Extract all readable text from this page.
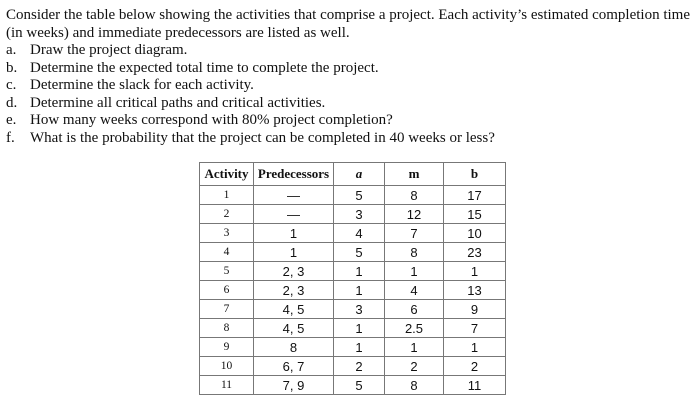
Consider the table below showing the activities that comprise a project. Each activity’s estimated completion time (in weeks) and immediate predecessors are listed as well.

a. Draw the project diagram.
b. Determine the expected total time to complete the project.
c. Determine the slack for each activity.
d. Determine all critical paths and critical activities.
e. How many weeks correspond with 80% project completion?
f.	What is the probability that the project can be completed in 40 weeks or less?
Activity	Predecessors	a	m	b
1	—	5	8	17
2	—	3	12	15
3	1	4	7	10
4	1	5	8	23
5	2, 3	1	1	1
6	2, 3	1	4	13
7	4, 5	3	6	9
8	4, 5	1	2.5	7
9	8	1	1	1
10	6, 7	2	2	2
11	7, 9	5	8	11
